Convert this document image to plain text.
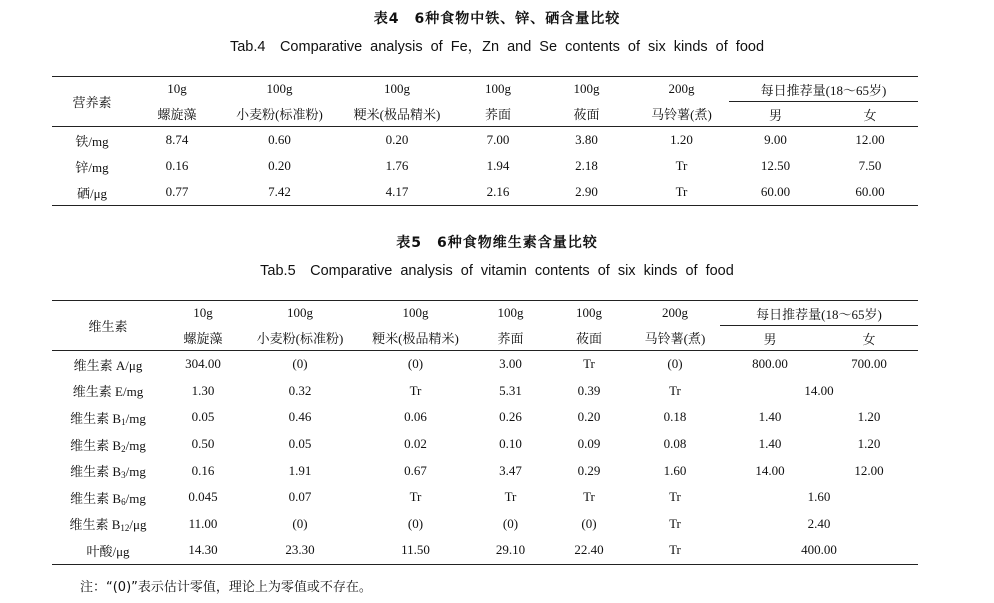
表4　6种食物中铁、锌、硒含量比较
Tab.4　Comparative analysis of Fe，Zn and Se contents of six kinds of food
营养素	10g	100g	100g	100g	100g	200g	每日推荐量(18～65岁)	
	螺旋藻	小麦粉(标准粉)	粳米(极品精米)	荞面	莜面	马铃薯(煮)	男	女
铁/mg	8.74	0.60	0.20	7.00	3.80	1.20	9.00	12.00
锌/mg	0.16	0.20	1.76	1.94	2.18	Tr	12.50	7.50
硒/μg	0.77	7.42	4.17	2.16	2.90	Tr	60.00	60.00
表5　6种食物维生素含量比较
Tab.5　Comparative analysis of vitamin contents of six kinds of food
维生素	10g	100g	100g	100g	100g	200g	每日推荐量(18～65岁)	
	螺旋藻	小麦粉(标准粉)	粳米(极品精米)	荞面	莜面	马铃薯(煮)	男	女
维生素 A/μg	304.00	(0)	(0)	3.00	Tr	(0)	800.00	700.00
维生素 E/mg	1.30	0.32	Tr	5.31	0.39	Tr	14.00	
维生素 $B_1/mg$	0.05	0.46	0.06	0.26	0.20	0.18	1.40	1.20
维生素 $B_2/mg$	0.50	0.05	0.02	0.10	0.09	0.08	1.40	1.20
维生素 $B_3/mg$	0.16	1.91	0.67	3.47	0.29	1.60	14.00	12.00
维生素 $B_6/mg$	0.045	0.07	Tr	Tr	Tr	Tr	1.60	
维生素 $B_{12}/\mu g$	11.00	(0)	(0)	(0)	(0)	Tr	2.40	
叶酸/μg	14.30	23.30	11.50	29.10	22.40	Tr	400.00	
注：“(0)”表示估计零值，理论上为零值或不存在。
